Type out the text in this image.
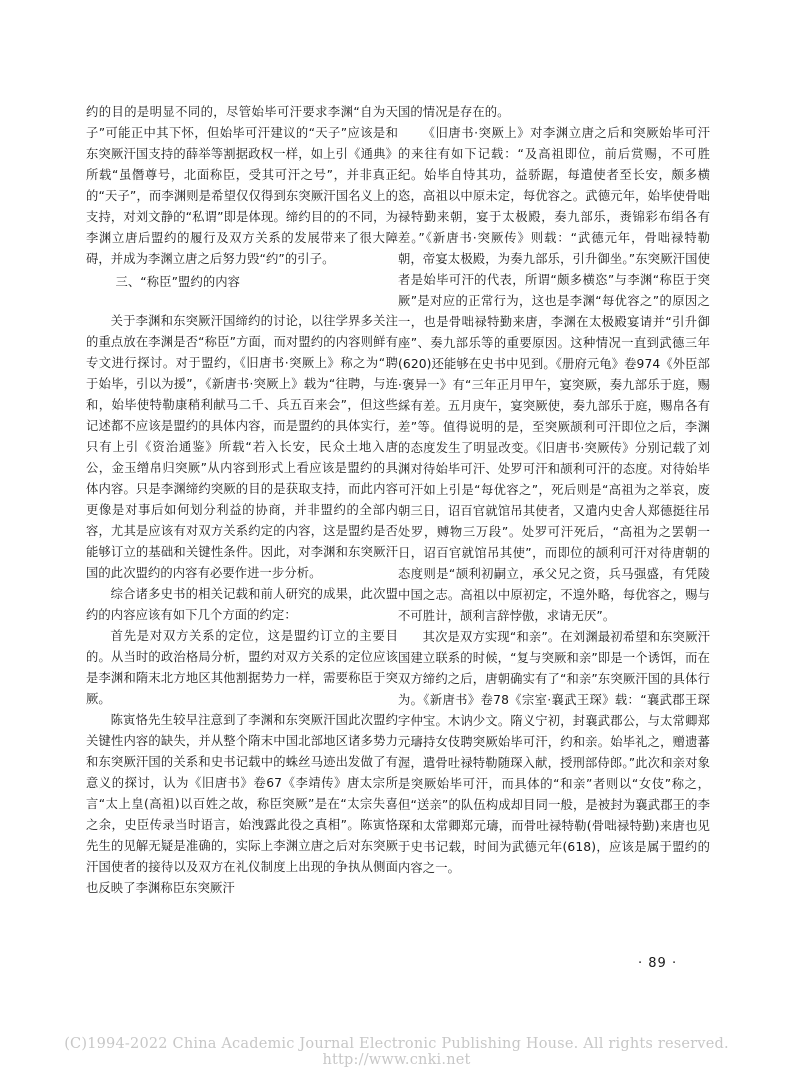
约的目的是明显不同的，尽管始毕可汗要求李渊“自为天子”可能正中其下怀，但始毕可汗建议的“天子”应该是和东突厥汗国支持的薛举等割据政权一样，如上引《通典》所载“虽僭尊号，北面称臣，受其可汗之号”，并非真正的“天子”，而李渊则是希望仅仅得到东突厥汗国名义上的支持，对刘文静的“私谓”即是体现。缔约目的的不同，为李渊立唐后盟约的履行及双方关系的发展带来了很大障碍，并成为李渊立唐之后努力毁“约”的引子。

三、“称臣”盟约的内容

关于李渊和东突厥汗国缔约的讨论，以往学界多关注的重点放在李渊是否“称臣”方面，而对盟约的内容则鲜有专文进行探讨。对于盟约，《旧唐书·突厥上》称之为“聘于始毕，引以为援”，《新唐书·突厥上》载为“往聘，与连和，始毕使特勒康稍利献马二千、兵五百来会”，但这些记述都不应该是盟约的具体内容，而是盟约的具体实行，只有上引《资治通鉴》所载“若入长安，民众土地入唐公，金玉缯帛归突厥”从内容到形式上看应该是盟约的具体内容。只是李渊缔约突厥的目的是获取支持，而此内容更像是对事后如何划分利益的协商，并非盟约的全部内容，尤其是应该有对双方关系约定的内容，这是盟约是否能够订立的基础和关键性条件。因此，对李渊和东突厥汗国的此次盟约的内容有必要作进一步分析。

综合诸多史书的相关记载和前人研究的成果，此次盟约的内容应该有如下几个方面的约定：

首先是对双方关系的定位，这是盟约订立的主要目的。从当时的政治格局分析，盟约对双方关系的定位应该是李渊和隋末北方地区其他割据势力一样，需要称臣于突厥。

陈寅恪先生较早注意到了李渊和东突厥汗国此次盟约关键性内容的缺失，并从整个隋末中国北部地区诸多势力和东突厥汗国的关系和史书记载中的蛛丝马迹出发做了有意义的探讨，认为《旧唐书》卷67《李靖传》唐太宗所言“太上皇(高祖)以百姓之故，称臣突厥”是在“太宗失喜之余，史臣传录当时语言，始洩露此役之真相”。陈寅恪先生的见解无疑是准确的，实际上李渊立唐之后对东突厥汗国使者的接待以及双方在礼仪制度上出现的争执从侧面也反映了李渊称臣东突厥汗

国的情况是存在的。

《旧唐书·突厥上》对李渊立唐之后和突厥始毕可汗的来往有如下记载：“及高祖即位，前后赏赐，不可胜纪。始毕自恃其功，益骄踞，每遣使者至长安，颇多横恣，高祖以中原未定，每优容之。武德元年，始毕使骨咄禄特勤来朝，宴于太极殿，奏九部乐，赉锦彩布绢各有差。”《新唐书·突厥传》则载：“武德元年，骨咄禄特勒朝，帝宴太极殿，为奏九部乐，引升御坐。”东突厥汗国使者是始毕可汗的代表，所谓“颇多横恣”与李渊“称臣于突厥”是对应的正常行为，这也是李渊“每优容之”的原因之一，也是骨咄禄特勤来唐，李渊在太极殿宴请并“引升御座”、奏九部乐等的重要原因。这种情况一直到武德三年(620)还能够在史书中见到。《册府元龟》卷974《外臣部·褒异一》有“三年正月甲午，宴突厥，奏九部乐于庭，赐綵有差。五月庚午，宴突厥使，奏九部乐于庭，赐帛各有差”等。值得说明的是，至突厥颉利可汗即位之后，李渊的态度发生了明显改变。《旧唐书·突厥传》分别记载了刘渊对待始毕可汗、处罗可汗和颉利可汗的态度。对待始毕可汗如上引是“每优容之”，死后则是“高祖为之举哀，废朝三日，诏百官就馆吊其使者，又遣内史舍人郑德挺往吊处罗，赙物三万段”。处罗可汗死后，“高祖为之罢朝一日，诏百官就馆吊其使”，而即位的颉利可汗对待唐朝的态度则是“颉利初嗣立，承父兄之资，兵马强盛，有凭陵中国之志。高祖以中原初定，不遑外略，每优容之，赐与不可胜计，颉利言辞悖傲，求请无厌”。

其次是双方实现“和亲”。在刘渊最初希望和东突厥汗国建立联系的时候，“复与突厥和亲”即是一个诱饵，而在双方缔约之后，唐朝确实有了“和亲”东突厥汗国的具体行为。《新唐书》卷78《宗室·襄武王琛》载：“襄武郡王琛字仲宝。木讷少文。隋义宁初，封襄武郡公，与太常卿郑元璹持女伎聘突厥始毕可汗，约和亲。始毕礼之，赠遗蕃渥，遣骨吐禄特勒随琛入献，授刑部侍郎。”此次和亲对象是突厥始毕可汗，而具体的“和亲”者则以“女伎”称之，但“送亲”的队伍构成却目同一般，是被封为襄武郡王的李琛和太常卿郑元璹，而骨吐禄特勒(骨咄禄特勤)来唐也见于史书记载，时间为武德元年(618)，应该是属于盟约的内容之一。

· 89 ·
(C)1994-2022 China Academic Journal Electronic Publishing House. All rights reserved. http://www.cnki.net
